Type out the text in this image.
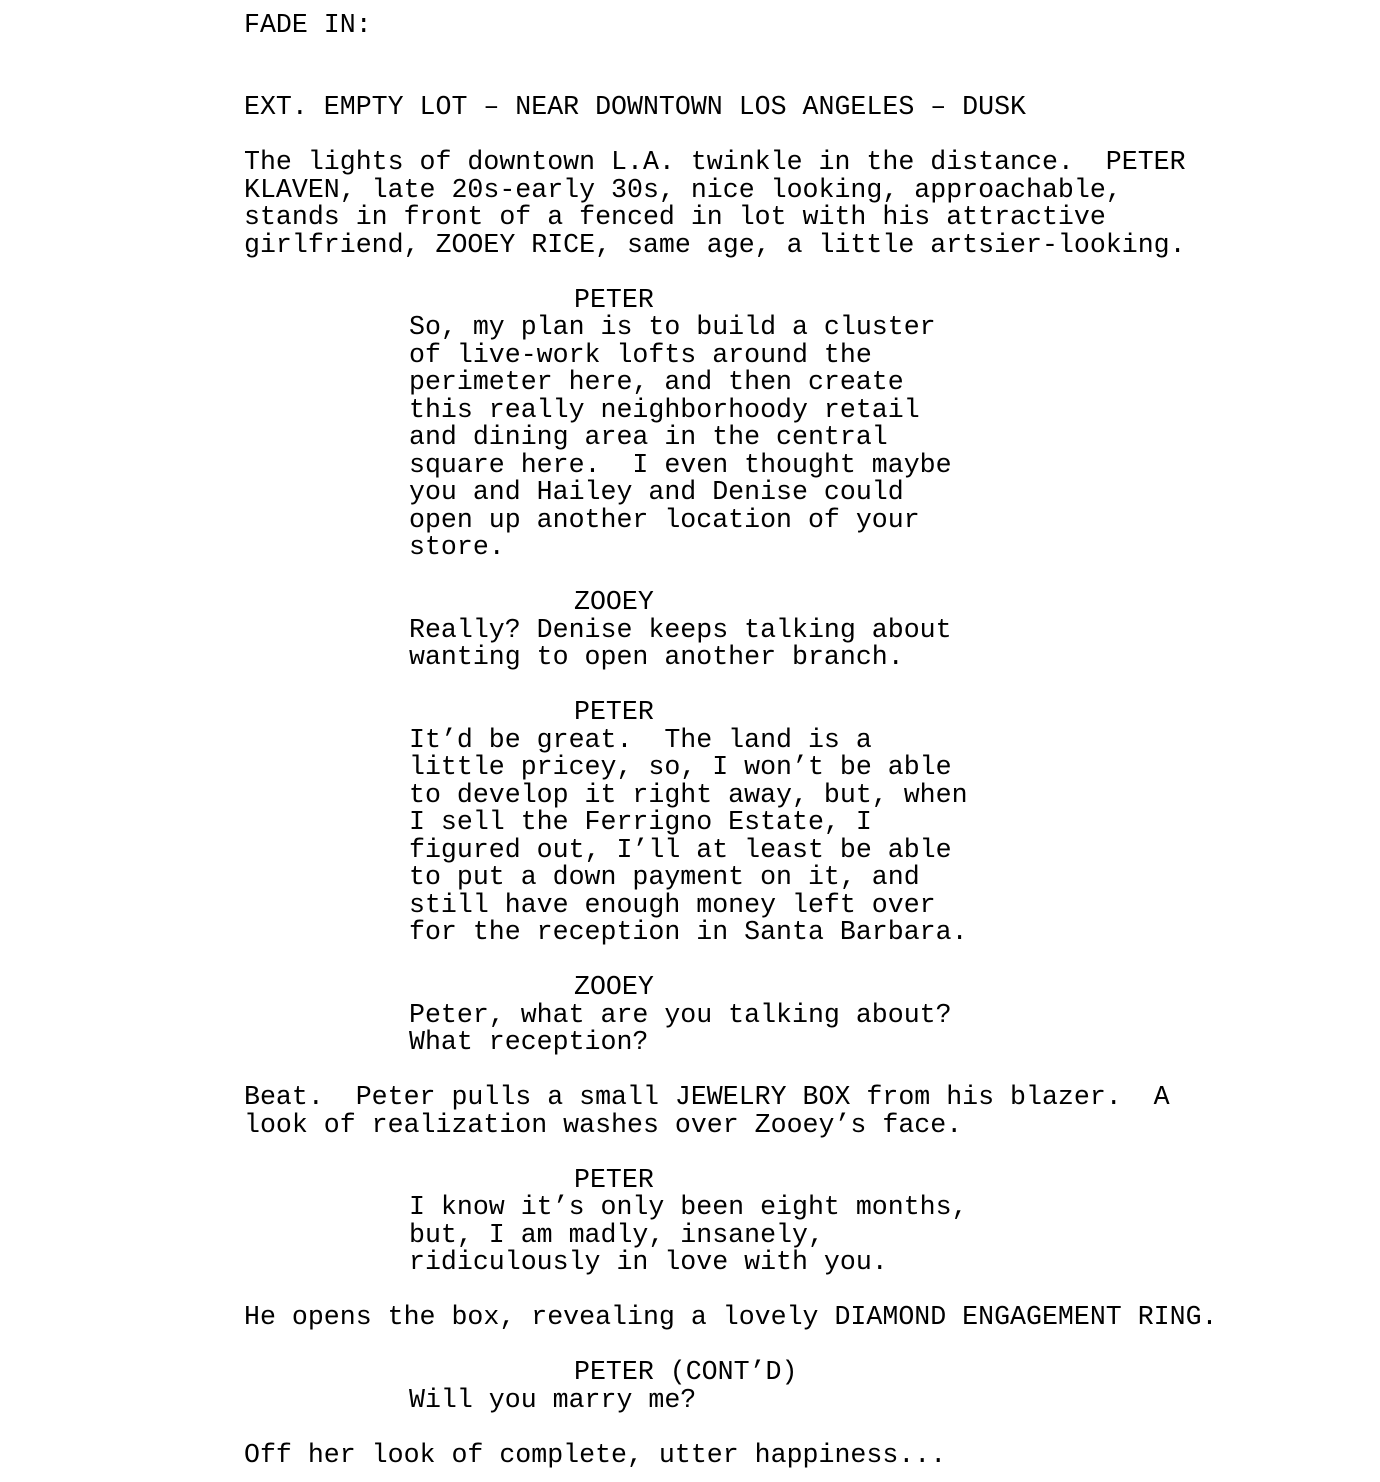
FADE IN:
EXT. EMPTY LOT – NEAR DOWNTOWN LOS ANGELES – DUSK
The lights of downtown L.A. twinkle in the distance.  PETER
KLAVEN, late 20s-early 30s, nice looking, approachable,
stands in front of a fenced in lot with his attractive
girlfriend, ZOOEY RICE, same age, a little artsier-looking.
PETER
So, my plan is to build a cluster
of live-work lofts around the
perimeter here, and then create
this really neighborhoody retail
and dining area in the central
square here.  I even thought maybe
you and Hailey and Denise could
open up another location of your
store.
ZOOEY
Really? Denise keeps talking about
wanting to open another branch.
PETER
It’d be great.  The land is a
little pricey, so, I won’t be able
to develop it right away, but, when
I sell the Ferrigno Estate, I
figured out, I’ll at least be able
to put a down payment on it, and
still have enough money left over
for the reception in Santa Barbara.
ZOOEY
Peter, what are you talking about?
What reception?
Beat.  Peter pulls a small JEWELRY BOX from his blazer.  A
look of realization washes over Zooey’s face.
PETER
I know it’s only been eight months,
but, I am madly, insanely,
ridiculously in love with you.
He opens the box, revealing a lovely DIAMOND ENGAGEMENT RING.
PETER (CONT’D)
Will you marry me?
Off her look of complete, utter happiness...
